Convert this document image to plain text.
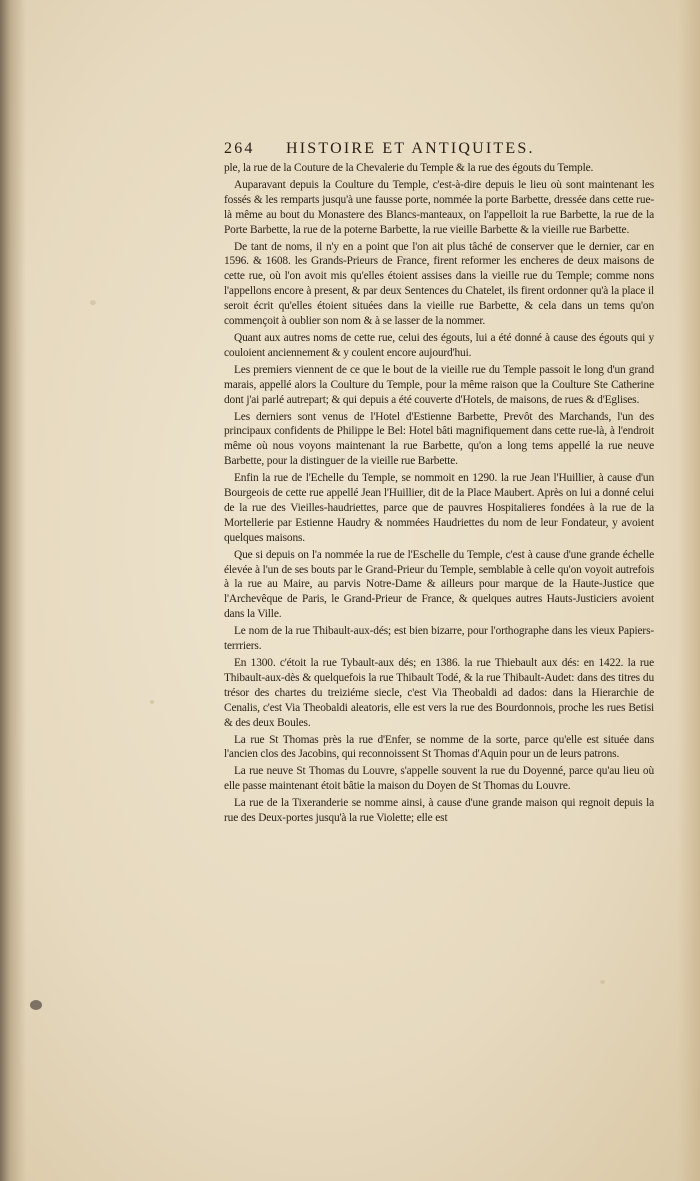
264 HISTOIRE ET ANTIQUITES.

ple, la rue de la Couture de la Chevalerie du Temple & la rue des égouts du Temple.

Auparavant depuis la Coulture du Temple, c'est-à-dire depuis le lieu où sont maintenant les fossés & les remparts jusqu'à une fausse porte, nommée la porte Barbette, dressée dans cette rue-là même au bout du Monastere des Blancs-manteaux, on l'appelloit la rue Barbette, la rue de la Porte Barbette, la rue de la poterne Barbette, la rue vieille Barbette & la vieille rue Barbette.

De tant de noms, il n'y en a point que l'on ait plus tâché de conserver que le dernier, car en 1596. & 1608. les Grands-Prieurs de France, firent reformer les encheres de deux maisons de cette rue, où l'on avoit mis qu'elles étoient assises dans la vieille rue du Temple; comme nons l'appellons encore à present, & par deux Sentences du Chatelet, ils firent ordonner qu'à la place il seroit écrit qu'elles étoient situées dans la vieille rue Barbette, & cela dans un tems qu'on commençoit à oublier son nom & à se lasser de la nommer.

Quant aux autres noms de cette rue, celui des égouts, lui a été donné à cause des égouts qui y couloient anciennement & y coulent encore aujourd'hui.

Les premiers viennent de ce que le bout de la vieille rue du Temple passoit le long d'un grand marais, appellé alors la Coulture du Temple, pour la même raison que la Coulture Ste Catherine dont j'ai parlé autrepart; & qui depuis a été couverte d'Hotels, de maisons, de rues & d'Eglises.

Les derniers sont venus de l'Hotel d'Estienne Barbette, Prevôt des Marchands, l'un des principaux confidents de Philippe le Bel: Hotel bâti magnifiquement dans cette rue-là, à l'endroit même où nous voyons maintenant la rue Barbette, qu'on a long tems appellé la rue neuve Barbette, pour la distinguer de la vieille rue Barbette.

Enfin la rue de l'Echelle du Temple, se nommoit en 1290. la rue Jean l'Huillier, à cause d'un Bourgeois de cette rue appellé Jean l'Huillier, dit de la Place Maubert. Après on lui a donné celui de la rue des Vieilles-haudriettes, parce que de pauvres Hospitalieres fondées à la rue de la Mortellerie par Estienne Haudry & nommées Haudriettes du nom de leur Fondateur, y avoient quelques maisons.

Que si depuis on l'a nommée la rue de l'Eschelle du Temple, c'est à cause d'une grande échelle élevée à l'un de ses bouts par le Grand-Prieur du Temple, semblable à celle qu'on voyoit autrefois à la rue au Maire, au parvis Notre-Dame & ailleurs pour marque de la Haute-Justice que l'Archevêque de Paris, le Grand-Prieur de France, & quelques autres Hauts-Justiciers avoient dans la Ville.

Le nom de la rue Thibault-aux-dés; est bien bizarre, pour l'orthographe dans les vieux Papiers-terrriers.

En 1300. c'étoit la rue Tybault-aux dés; en 1386. la rue Thiebault aux dés: en 1422. la rue Thibault-aux-dès & quelquefois la rue Thibault Todé, & la rue Thibault-Audet: dans des titres du trésor des chartes du treiziéme siecle, c'est Via Theobaldi ad dados: dans la Hierarchie de Cenalis, c'est Via Theobaldi aleatoris, elle est vers la rue des Bourdonnois, proche les rues Betisi & des deux Boules.

La rue St Thomas près la rue d'Enfer, se nomme de la sorte, parce qu'elle est située dans l'ancien clos des Jacobins, qui reconnoissent St Thomas d'Aquin pour un de leurs patrons.

La rue neuve St Thomas du Louvre, s'appelle souvent la rue du Doyenné, parce qu'au lieu où elle passe maintenant étoit bâtie la maison du Doyen de St Thomas du Louvre.

La rue de la Tixeranderie se nomme ainsi, à cause d'une grande maison qui regnoit depuis la rue des Deux-portes jusqu'à la rue Violette; elle est
